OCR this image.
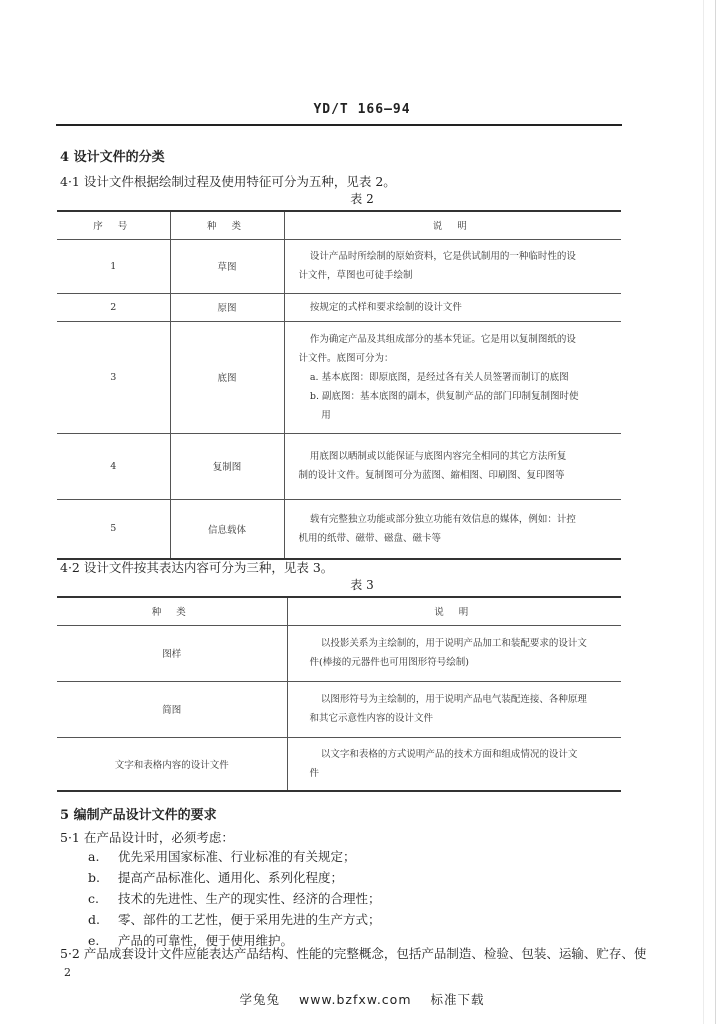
YD/T 166—94
4 设计文件的分类
4·1 设计文件根据绘制过程及使用特征可分为五种，见表 2。
表 2
序 号	种 类	说 明
1	草图	设计产品时所绘制的原始资料，它是供试制用的一种临时性的设
计文件，草图也可徒手绘制

2	原图	按规定的式样和要求绘制的设计文件

3	底图	作为确定产品及其组成部分的基本凭证。它是用以复制图纸的设
计文件。底图可分为：
a. 基本底图：即原底图，是经过各有关人员签署而制订的底图
b. 副底图：基本底图的副本，供复制产品的部门印制复制图时使
用

4	复制图	用底图以晒制或以能保证与底图内容完全相同的其它方法所复
制的设计文件。复制图可分为蓝图、縮相图、印刷图、复印图等

5	信息载体	载有完整独立功能或部分独立功能有效信息的媒体，例如：计控
机用的纸带、磁带、磁盘、磁卡等
4·2 设计文件按其表达内容可分为三种，见表 3。
表 3
种 类	说 明
图样	以投影关系为主绘制的，用于说明产品加工和装配要求的设计文
件(棒接的元器件也可用图形符号绘制)

简图	以图形符号为主绘制的，用于说明产品电气装配连接、各种原理
和其它示意性内容的设计文件

文字和表格内容的设计文件	以文字和表格的方式说明产品的技术方面和组成情况的设计文
件
5 编制产品设计文件的要求
5·1 在产品设计时，必须考虑：
a. 优先采用国家标准、行业标准的有关规定；
b. 提高产品标准化、通用化、系列化程度；
c. 技术的先进性、生产的现实性、经济的合理性；
d. 零、部件的工艺性，便于采用先进的生产方式；
e. 产品的可靠性，便于使用维护。
5·2 产品成套设计文件应能表达产品结构、性能的完整概念，包括产品制造、检验、包装、运输、贮存、使
2
学兔兔 www.bzfxw.com 标准下载
